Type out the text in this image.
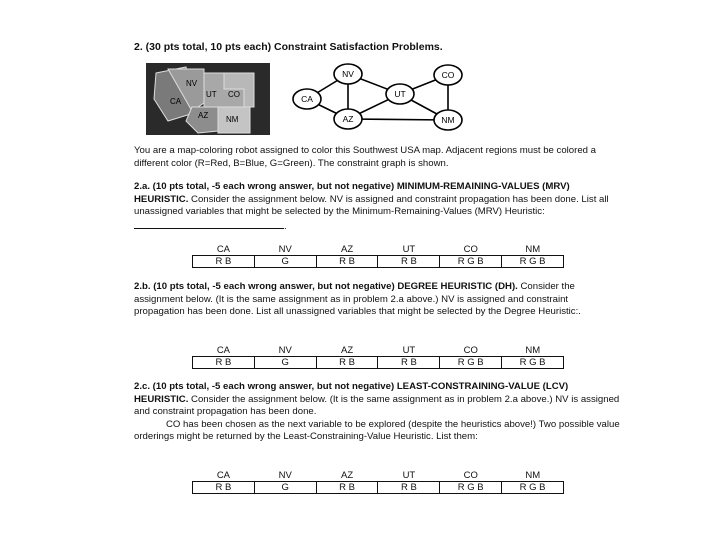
2. (30 pts total, 10 pts each) Constraint Satisfaction Problems.
NV
UT CO
CA
AZ NM
NV	CO
CA	UT
AZ	NM
You are a map-coloring robot assigned to color this Southwest USA map. Adjacent regions must be colored a different color (R=Red, B=Blue, G=Green). The constraint graph is shown.
2.a. (10 pts total, -5 each wrong answer, but not negative) MINIMUM-REMAINING-VALUES (MRV) HEURISTIC. Consider the assignment below. NV is assigned and constraint propagation has been done. List all unassigned variables that might be selected by the Minimum-Remaining-Values (MRV) Heuristic:.
CA	NV	AZ	UT	CO	NM
R B	G	R B	R B	R G B	R G B
2.b. (10 pts total, -5 each wrong answer, but not negative) DEGREE HEURISTIC (DH). Consider the assignment below. (It is the same assignment as in problem 2.a above.) NV is assigned and constraint propagation has been done. List all unassigned variables that might be selected by the Degree Heuristic:.
CA	NV	AZ	UT	CO	NM
R B	G	R B	R B	R G B	R G B
2.c. (10 pts total, -5 each wrong answer, but not negative) LEAST-CONSTRAINING-VALUE (LCV) HEURISTIC. Consider the assignment below. (It is the same assignment as in problem 2.a above.) NV is assigned and constraint propagation has been done.
CO has been chosen as the next variable to be explored (despite the heuristics above!) Two possible value orderings might be returned by the Least-Constraining-Value Heuristic. List them:
CA	NV	AZ	UT	CO	NM
R B	G	R B	R B	R G B	R G B
